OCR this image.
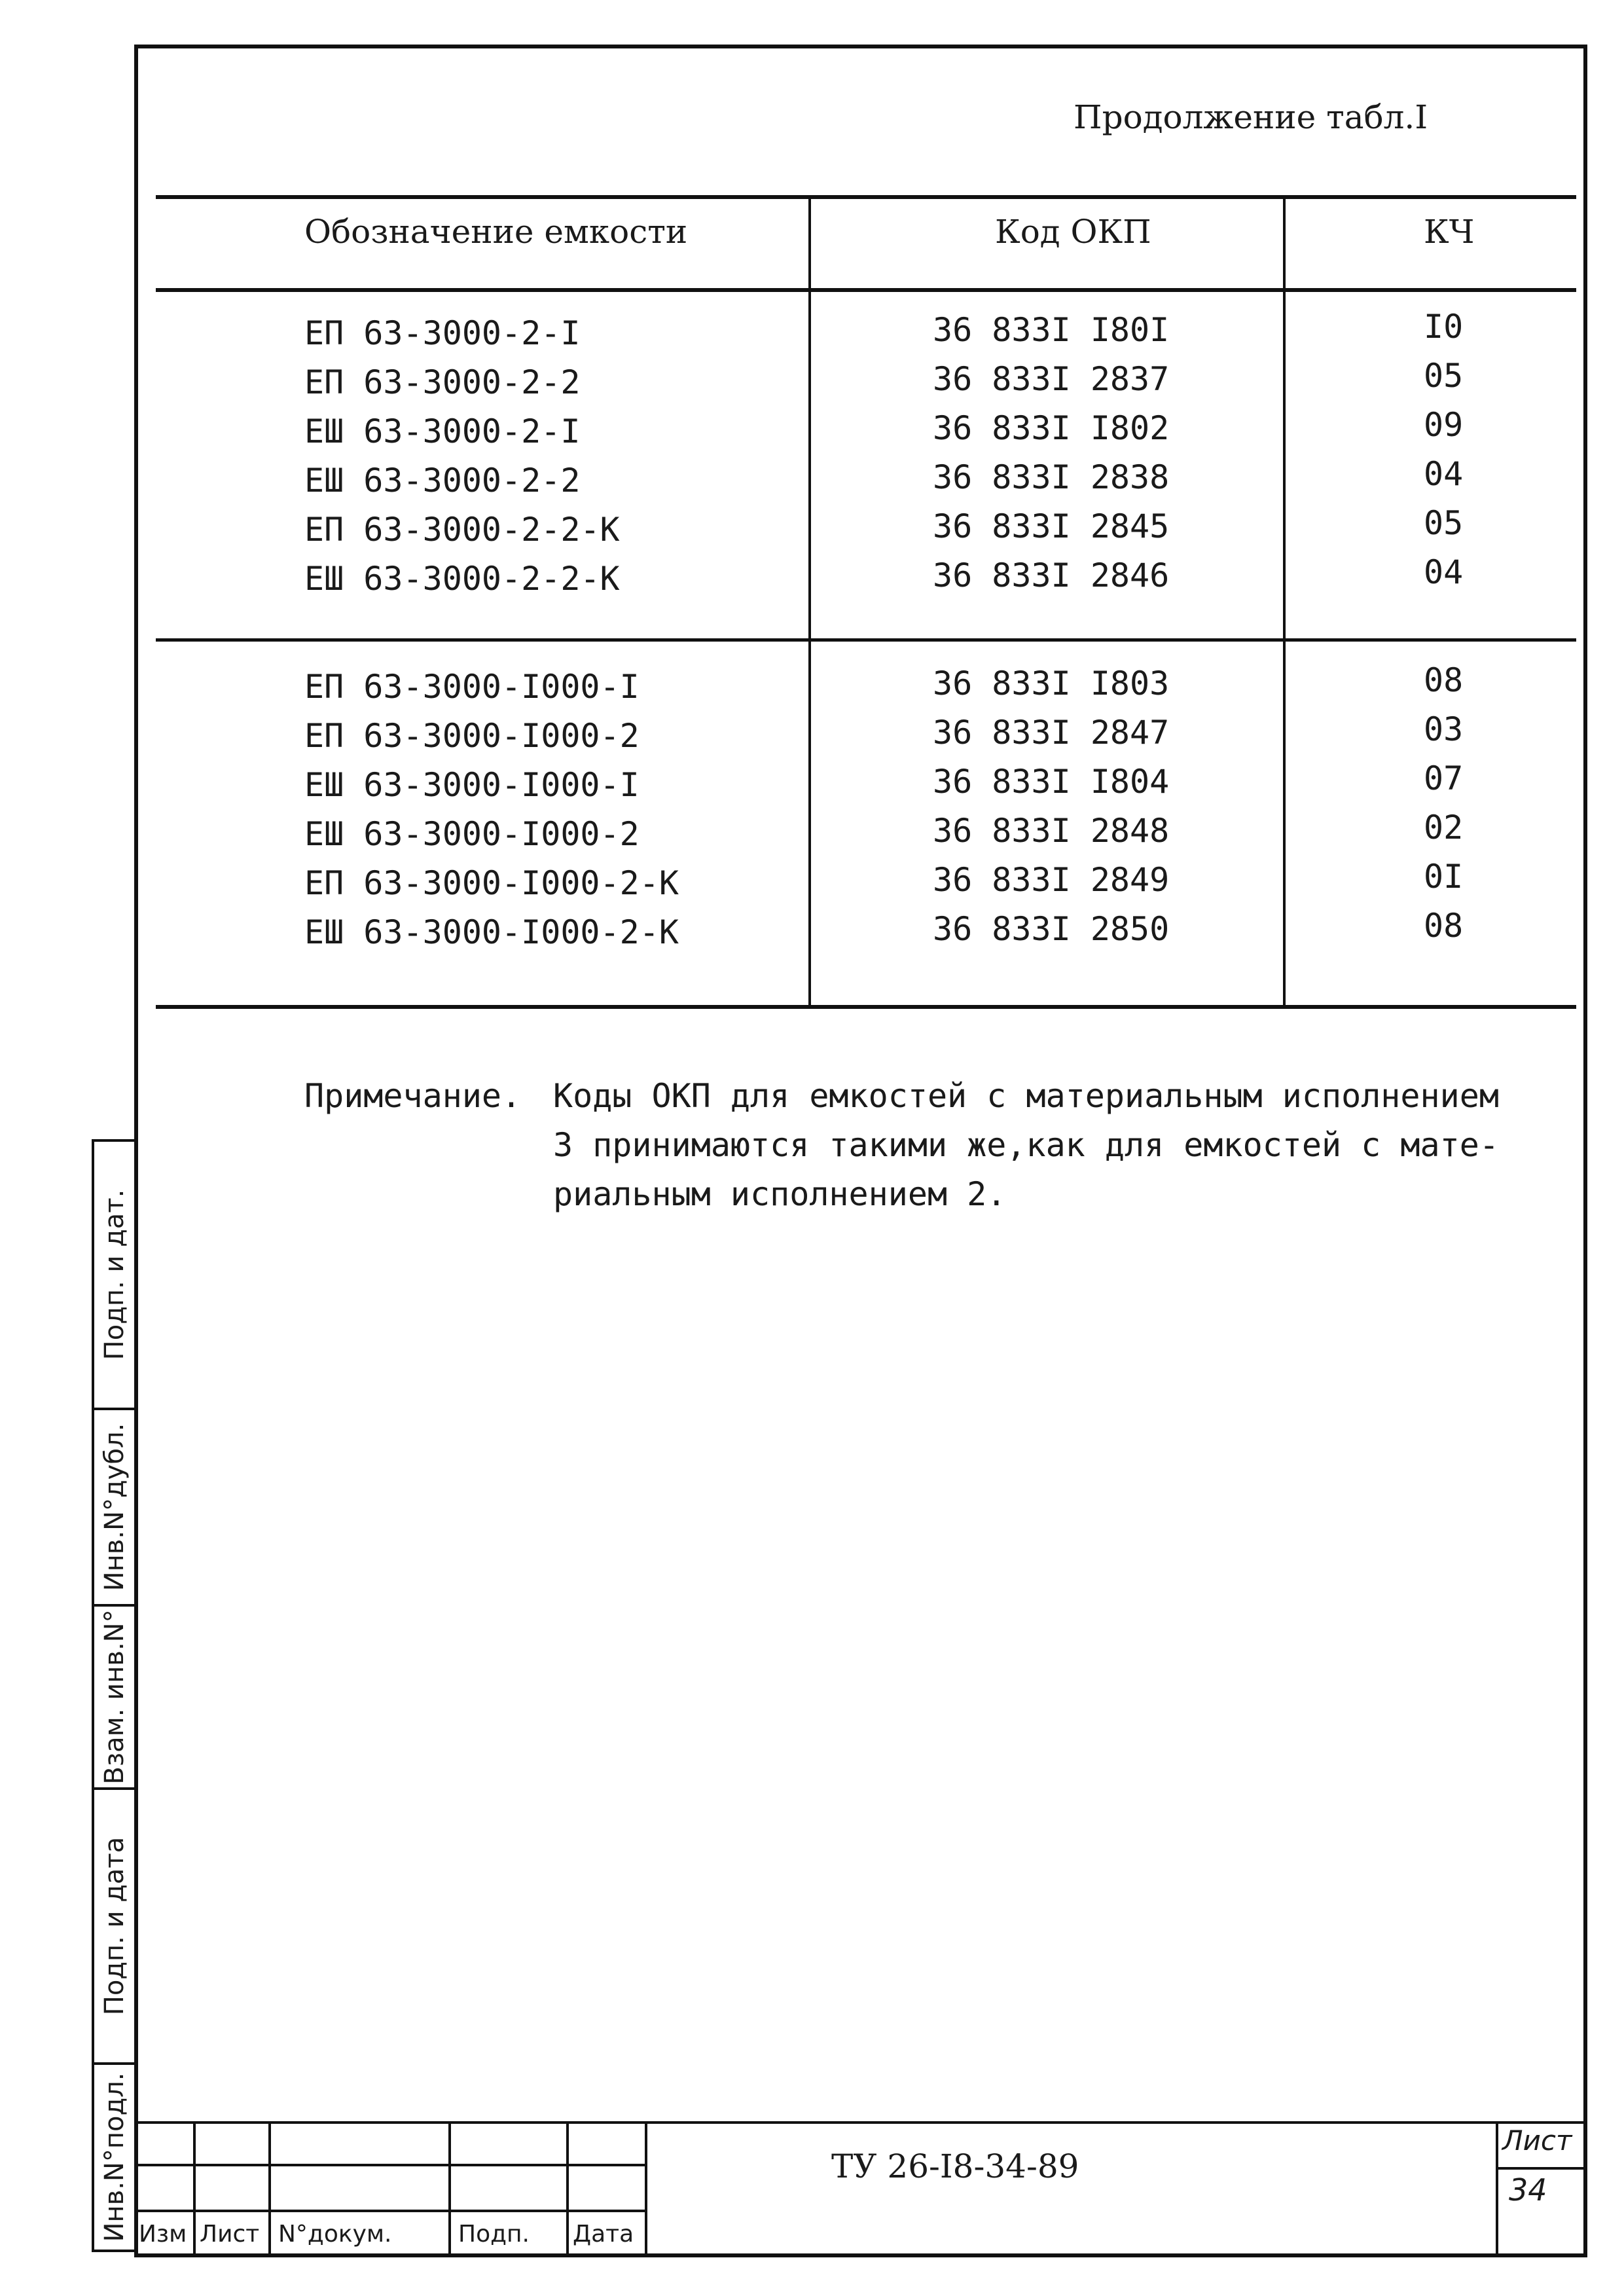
Продолжение табл.I
Обозначение емкости	Код ОКП	КЧ
ЕП 63-3000-2-I	36 833I I80I	I0
ЕП 63-3000-2-2	36 833I 2837	05
ЕШ 63-3000-2-I	36 833I I802	09
ЕШ 63-3000-2-2	36 833I 2838	04
ЕП 63-3000-2-2-К	36 833I 2845	05
ЕШ 63-3000-2-2-К	36 833I 2846	04
ЕП 63-3000-I000-I	36 833I I803	08
ЕП 63-3000-I000-2	36 833I 2847	03
ЕШ 63-3000-I000-I	36 833I I804	07
ЕШ 63-3000-I000-2	36 833I 2848	02
ЕП 63-3000-I000-2-К	36 833I 2849	0I
ЕШ 63-3000-I000-2-К	36 833I 2850	08
Примечание. Коды ОКП для емкостей с материальным исполнением
3 принимаются такими же,как для емкостей с мате-
риальным исполнением 2.
Инв.N°подл.
Подп. и дата
Взам. инв.N°
Инв.N°дубл.
Подп. и дат.
Изм Лист N°докум.	Подп. Дата
ТУ 26-I8-34-89
Лист
34
